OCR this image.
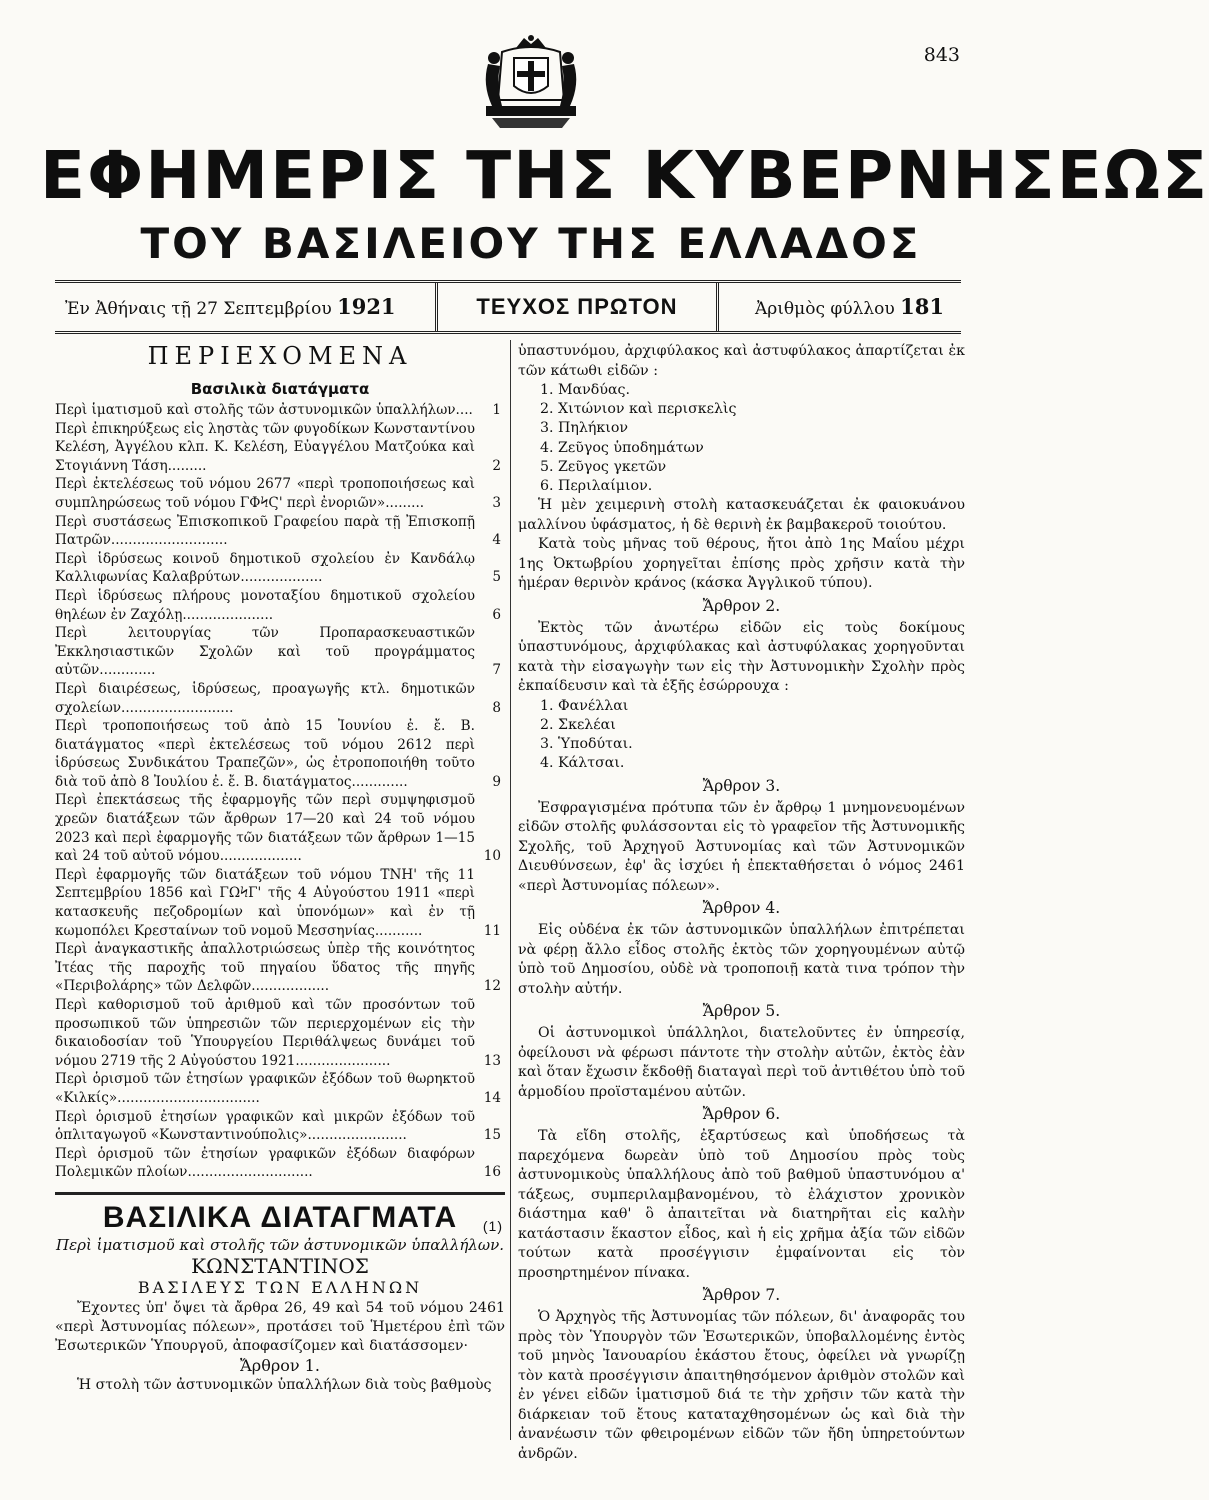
843
ΕΦΗΜΕΡΙΣ ΤΗΣ ΚΥΒΕΡΝΗΣΕΩΣ
ΤΟΥ ΒΑΣΙΛΕΙΟΥ ΤΗΣ ΕΛΛΑΔΟΣ
Ἐν Ἀθήναις τῇ 27 Σεπτεμβρίου 1921	ΤΕΥΧΟΣ ΠΡΩΤΟΝ	Ἀριθμὸς φύλλου 181
ΠΕΡΙΕΧΟΜΕΝΑ
Βασιλικὰ διατάγματα
Περὶ ἱματισμοῦ καὶ στολῆς τῶν ἀστυνομικῶν ὑπαλλήλων.... 1
Περὶ ἐπικηρύξεως εἰς ληστὰς τῶν φυγοδίκων Κωνσταντίνου Κελέση, Ἀγγέλου κλπ. Κ. Κελέση, Εὐαγγέλου Ματζούκα καὶ Στογιάννη Τάση.........	2
Περὶ ἐκτελέσεως τοῦ νόμου 2677 «περὶ τροποποιήσεως καὶ συμπληρώσεως τοῦ νόμου ΓΦϞϚ' περὶ ἐνοριῶν».........	3
Περὶ συστάσεως Ἐπισκοπικοῦ Γραφείου παρὰ τῇ Ἐπισκοπῇ Πατρῶν...........................	4
Περὶ ἱδρύσεως κοινοῦ δημοτικοῦ σχολείου ἐν Κανδάλῳ Καλλιφωνίας Καλαβρύτων...................	5
Περὶ ἱδρύσεως πλήρους μονοταξίου δημοτικοῦ σχολείου θηλέων ἐν Ζαχόλῃ.....................	6
Περὶ λειτουργίας τῶν Προπαρασκευαστικῶν Ἐκκλησιαστικῶν Σχολῶν καὶ τοῦ προγράμματος αὐτῶν.............	7
Περὶ διαιρέσεως, ἱδρύσεως, προαγωγῆς κτλ. δημοτικῶν σχολείων..........................	8
Περὶ τροποποιήσεως τοῦ ἀπὸ 15 Ἰουνίου ἐ. ἔ. Β. διατάγματος «περὶ ἐκτελέσεως τοῦ νόμου 2612 περὶ ἱδρύσεως Συνδικάτου Τραπεζῶν», ὡς ἐτροποποιήθη τοῦτο διὰ τοῦ ἀπὸ 8 Ἰουλίου ἐ. ἔ. Β. διατάγματος.............	9
Περὶ ἐπεκτάσεως τῆς ἐφαρμογῆς τῶν περὶ συμψηφισμοῦ χρεῶν διατάξεων τῶν ἄρθρων 17—20 καὶ 24 τοῦ νόμου 2023 καὶ περὶ ἐφαρμογῆς τῶν διατάξεων τῶν ἄρθρων 1—15 καὶ 24 τοῦ αὐτοῦ νόμου...................	10
Περὶ ἐφαρμογῆς τῶν διατάξεων τοῦ νόμου ΤΝΗ' τῆς 11 Σεπτεμβρίου 1856 καὶ ΓΩϞΓ' τῆς 4 Αὐγούστου 1911 «περὶ κατασκευῆς πεζοδρομίων καὶ ὑπονόμων» καὶ ἐν τῇ κωμοπόλει Κρεσταίνων τοῦ νομοῦ Μεσσηνίας...........	11
Περὶ ἀναγκαστικῆς ἀπαλλοτριώσεως ὑπὲρ τῆς κοινότητος Ἰτέας τῆς παροχῆς τοῦ πηγαίου ὕδατος τῆς πηγῆς «Περιβολάρης» τῶν Δελφῶν..................	12
Περὶ καθορισμοῦ τοῦ ἀριθμοῦ καὶ τῶν προσόντων τοῦ προσωπικοῦ τῶν ὑπηρεσιῶν τῶν περιερχομένων εἰς τὴν δικαιοδοσίαν τοῦ Ὑπουργείου Περιθάλψεως δυνάμει τοῦ νόμου 2719 τῆς 2 Αὐγούστου 1921......................	13
Περὶ ὁρισμοῦ τῶν ἐτησίων γραφικῶν ἐξόδων τοῦ θωρηκτοῦ «Κιλκίς».................................	14
Περὶ ὁρισμοῦ ἐτησίων γραφικῶν καὶ μικρῶν ἐξόδων τοῦ ὁπλιταγωγοῦ «Κωνσταντινούπολις».......................	15
Περὶ ὁρισμοῦ τῶν ἐτησίων γραφικῶν ἐξόδων διαφόρων Πολεμικῶν πλοίων.............................	16
ΒΑΣΙΛΙΚΑ ΔΙΑΤΑΓΜΑΤΑ (1)
Περὶ ἱματισμοῦ καὶ στολῆς τῶν ἀστυνομικῶν ὑπαλλήλων.
ΚΩΝΣΤΑΝΤΙΝΟΣ
ΒΑΣΙΛΕΥΣ ΤΩΝ ΕΛΛΗΝΩΝ
Ἔχοντες ὑπ' ὄψει τὰ ἄρθρα 26, 49 καὶ 54 τοῦ νόμου 2461 «περὶ Ἀστυνομίας πόλεων», προτάσει τοῦ Ἡμετέρου ἐπὶ τῶν Ἐσωτερικῶν Ὑπουργοῦ, ἀποφασίζομεν καὶ διατάσσομεν·
Ἄρθρον 1.
Ἡ στολὴ τῶν ἀστυνομικῶν ὑπαλλήλων διὰ τοὺς βαθμοὺς

ὑπαστυνόμου, ἀρχιφύλακος καὶ ἀστυφύλακος ἀπαρτίζεται ἐκ τῶν κάτωθι εἰδῶν :

1. Μανδύας.
2. Χιτώνιον καὶ περισκελὶς
3. Πηλήκιον
4. Ζεῦγος ὑποδημάτων
5. Ζεῦγος γκετῶν
6. Περιλαίμιον.

Ἡ μὲν χειμερινὴ στολὴ κατασκευάζεται ἐκ φαιοκυάνου μαλλίνου ὑφάσματος, ἡ δὲ θερινὴ ἐκ βαμβακεροῦ τοιούτου.

Κατὰ τοὺς μῆνας τοῦ θέρους, ἤτοι ἀπὸ 1ης Μαΐου μέχρι 1ης Ὀκτωβρίου χορηγεῖται ἐπίσης πρὸς χρῆσιν κατὰ τὴν ἡμέραν θερινὸν κράνος (κάσκα Ἀγγλικοῦ τύπου).

Ἄρθρον 2.

Ἐκτὸς τῶν ἀνωτέρω εἰδῶν εἰς τοὺς δοκίμους ὑπαστυνόμους, ἀρχιφύλακας καὶ ἀστυφύλακας χορηγοῦνται κατὰ τὴν εἰσαγωγὴν των εἰς τὴν Ἀστυνομικὴν Σχολὴν πρὸς ἐκπαίδευσιν καὶ τὰ ἑξῆς ἐσώρρουχα :

1. Φανέλλαι
2. Σκελέαι
3. Ὑποδύται.
4. Κάλτσαι.
Ἄρθρον 3.

Ἐσφραγισμένα πρότυπα τῶν ἐν ἄρθρῳ 1 μνημονευομένων εἰδῶν στολῆς φυλάσσονται εἰς τὸ γραφεῖον τῆς Ἀστυνομικῆς Σχολῆς, τοῦ Ἀρχηγοῦ Ἀστυνομίας καὶ τῶν Ἀστυνομικῶν Διευθύνσεων, ἐφ' ἃς ἰσχύει ἡ ἐπεκταθήσεται ὁ νόμος 2461 «περὶ Ἀστυνομίας πόλεων».

Ἄρθρον 4.

Εἰς οὐδένα ἐκ τῶν ἀστυνομικῶν ὑπαλλήλων ἐπιτρέπεται νὰ φέρῃ ἄλλο εἶδος στολῆς ἐκτὸς τῶν χορηγουμένων αὐτῷ ὑπὸ τοῦ Δημοσίου, οὐδὲ νὰ τροποποιῇ κατὰ τινα τρόπον τὴν στολὴν αὐτήν.

Ἄρθρον 5.

Οἱ ἀστυνομικοὶ ὑπάλληλοι, διατελοῦντες ἐν ὑπηρεσίᾳ, ὀφείλουσι νὰ φέρωσι πάντοτε τὴν στολὴν αὐτῶν, ἐκτὸς ἐὰν καὶ ὅταν ἔχωσιν ἔκδοθῇ διαταγαὶ περὶ τοῦ ἀντιθέτου ὑπὸ τοῦ ἁρμοδίου προϊσταμένου αὐτῶν.

Ἄρθρον 6.

Τὰ εἴδη στολῆς, ἐξαρτύσεως καὶ ὑποδήσεως τὰ παρεχόμενα δωρεὰν ὑπὸ τοῦ Δημοσίου πρὸς τοὺς ἀστυνομικοὺς ὑπαλλήλους ἀπὸ τοῦ βαθμοῦ ὑπαστυνόμου α' τάξεως, συμπεριλαμβανομένου, τὸ ἐλάχιστον χρονικὸν διάστημα καθ' ὃ ἀπαιτεῖται νὰ διατηρῆται εἰς καλὴν κατάστασιν ἕκαστον εἶδος, καὶ ἡ εἰς χρῆμα ἀξία τῶν εἰδῶν τούτων κατὰ προσέγγισιν ἐμφαίνονται εἰς τὸν προσηρτημένον πίνακα.

Ἄρθρον 7.

Ὁ Ἀρχηγὸς τῆς Ἀστυνομίας τῶν πόλεων, δι' ἀναφορᾶς του πρὸς τὸν Ὑπουργὸν τῶν Ἐσωτερικῶν, ὑποβαλλομένης ἐντὸς τοῦ μηνὸς Ἰανουαρίου ἑκάστου ἔτους, ὀφείλει νὰ γνωρίζῃ τὸν κατὰ προσέγγισιν ἀπαιτηθησόμενον ἀριθμὸν στολῶν καὶ ἐν γένει εἰδῶν ἱματισμοῦ διά τε τὴν χρῆσιν τῶν κατὰ τὴν διάρκειαν τοῦ ἔτους καταταχθησομένων ὡς καὶ διὰ τὴν ἀνανέωσιν τῶν φθειρομένων εἰδῶν τῶν ἤδη ὑπηρετούντων ἀνδρῶν.
